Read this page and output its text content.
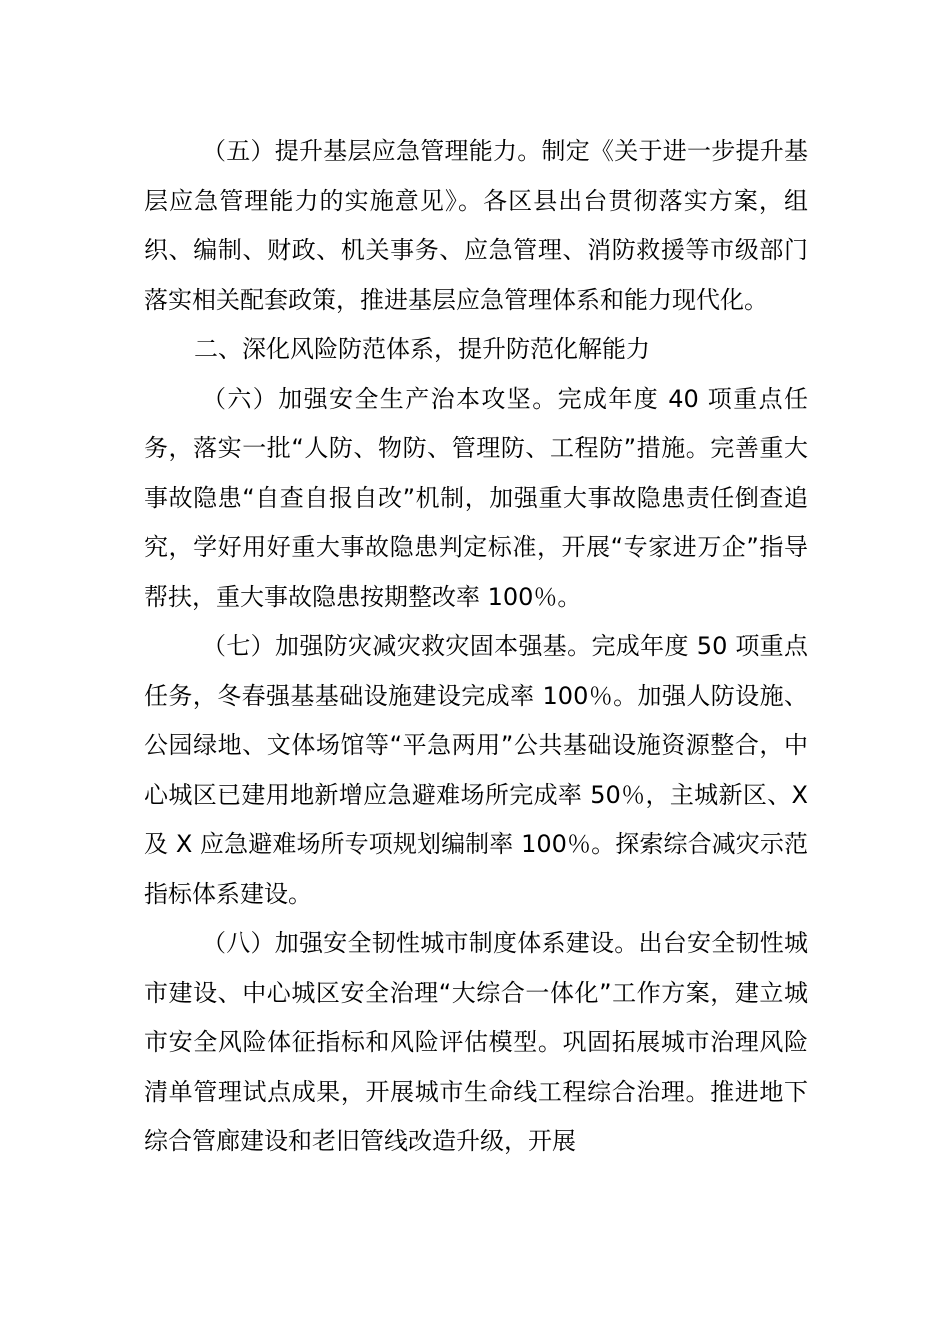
（五）提升基层应急管理能力。制定《关于进一步提升基层应急管理能力的实施意见》。各区县出台贯彻落实方案，组织、编制、财政、机关事务、应急管理、消防救援等市级部门落实相关配套政策，推进基层应急管理体系和能力现代化。

二、深化风险防范体系，提升防范化解能力

（六）加强安全生产治本攻坚。完成年度 40 项重点任务，落实一批“人防、物防、管理防、工程防”措施。完善重大事故隐患“自查自报自改”机制，加强重大事故隐患责任倒查追究，学好用好重大事故隐患判定标准，开展“专家进万企”指导帮扶，重大事故隐患按期整改率 100％。

（七）加强防灾减灾救灾固本强基。完成年度 50 项重点任务，冬春强基基础设施建设完成率 100％。加强人防设施、公园绿地、文体场馆等“平急两用”公共基础设施资源整合，中心城区已建用地新增应急避难场所完成率 50％，主城新区、X 及 X 应急避难场所专项规划编制率 100％。探索综合减灾示范指标体系建设。

（八）加强安全韧性城市制度体系建设。出台安全韧性城市建设、中心城区安全治理“大综合一体化”工作方案，建立城市安全风险体征指标和风险评估模型。巩固拓展城市治理风险清单管理试点成果，开展城市生命线工程综合治理。推进地下综合管廊建设和老旧管线改造升级，开展
